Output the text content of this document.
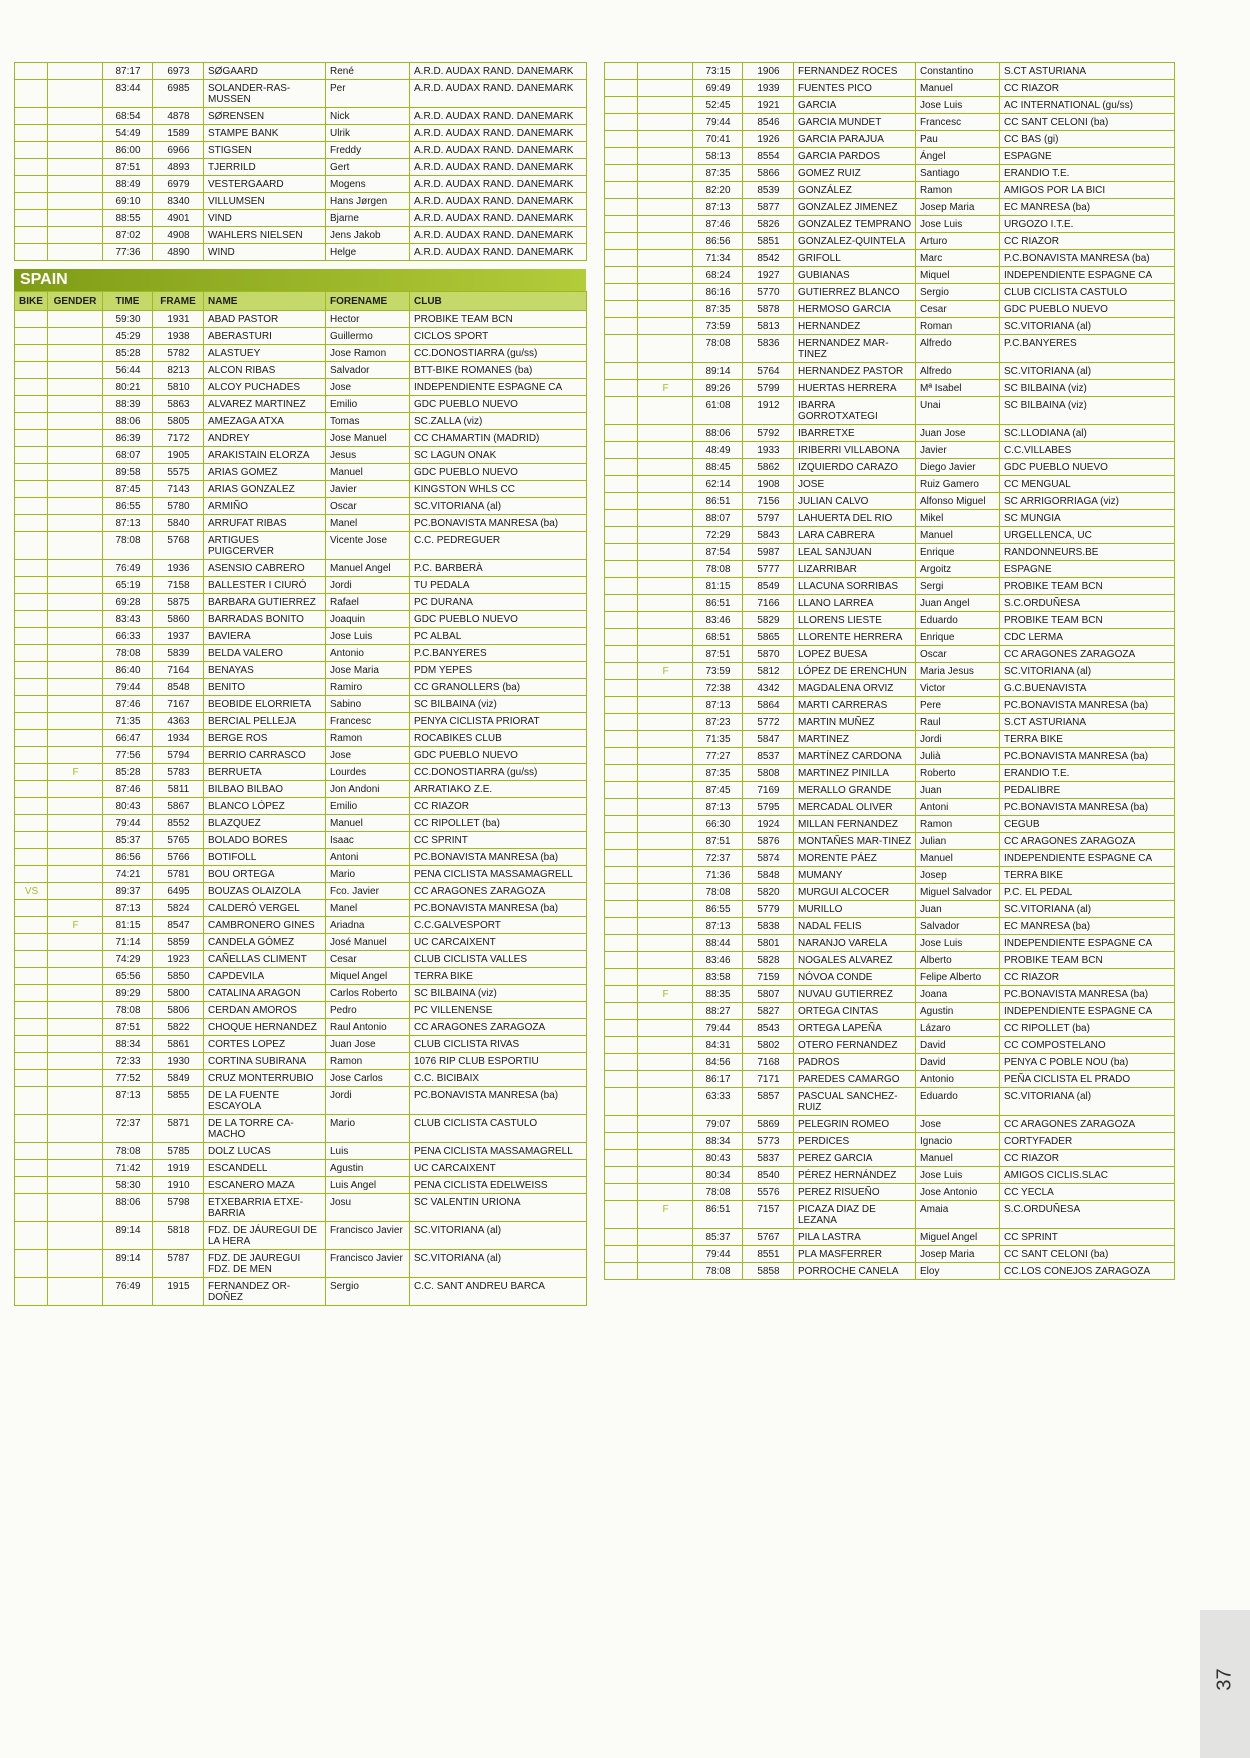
		87:17	6973	SØGAARD	René	A.R.D. AUDAX RAND. DANEMARK
		83:44	6985	SOLANDER-RAS-MUSSEN	Per	A.R.D. AUDAX RAND. DANEMARK
		68:54	4878	SØRENSEN	Nick	A.R.D. AUDAX RAND. DANEMARK
		54:49	1589	STAMPE BANK	Ulrik	A.R.D. AUDAX RAND. DANEMARK
		86:00	6966	STIGSEN	Freddy	A.R.D. AUDAX RAND. DANEMARK
		87:51	4893	TJERRILD	Gert	A.R.D. AUDAX RAND. DANEMARK
		88:49	6979	VESTERGAARD	Mogens	A.R.D. AUDAX RAND. DANEMARK
		69:10	8340	VILLUMSEN	Hans Jørgen	A.R.D. AUDAX RAND. DANEMARK
		88:55	4901	VIND	Bjarne	A.R.D. AUDAX RAND. DANEMARK
		87:02	4908	WAHLERS NIELSEN	Jens Jakob	A.R.D. AUDAX RAND. DANEMARK
		77:36	4890	WIND	Helge	A.R.D. AUDAX RAND. DANEMARK
SPAIN
BIKE	GENDER	TIME	FRAME	NAME	FORENAME	CLUB
		59:30	1931	ABAD PASTOR	Hector	PROBIKE TEAM BCN
		45:29	1938	ABERASTURI	Guillermo	CICLOS SPORT
		85:28	5782	ALASTUEY	Jose Ramon	CC.DONOSTIARRA (gu/ss)
		56:44	8213	ALCON RIBAS	Salvador	BTT-BIKE ROMANES (ba)
		80:21	5810	ALCOY PUCHADES	Jose	INDEPENDIENTE ESPAGNE CA
		88:39	5863	ALVAREZ MARTINEZ	Emilio	GDC PUEBLO NUEVO
		88:06	5805	AMEZAGA ATXA	Tomas	SC.ZALLA (viz)
		86:39	7172	ANDREY	Jose Manuel	CC CHAMARTIN (MADRID)
		68:07	1905	ARAKISTAIN ELORZA	Jesus	SC LAGUN ONAK
		89:58	5575	ARIAS GOMEZ	Manuel	GDC PUEBLO NUEVO
		87:45	7143	ARIAS GONZALEZ	Javier	KINGSTON WHLS CC
		86:55	5780	ARMIÑO	Oscar	SC.VITORIANA (al)
		87:13	5840	ARRUFAT RIBAS	Manel	PC.BONAVISTA MANRESA (ba)
		78:08	5768	ARTIGUES PUIGCERVER	Vicente Jose	C.C. PEDREGUER
		76:49	1936	ASENSIO CABRERO	Manuel Angel	P.C. BARBERÀ
		65:19	7158	BALLESTER I CIURÓ	Jordi	TU PEDALA
		69:28	5875	BARBARA GUTIERREZ	Rafael	PC DURANA
		83:43	5860	BARRADAS BONITO	Joaquin	GDC PUEBLO NUEVO
		66:33	1937	BAVIERA	Jose Luis	PC ALBAL
		78:08	5839	BELDA VALERO	Antonio	P.C.BANYERES
		86:40	7164	BENAYAS	Jose Maria	PDM YEPES
		79:44	8548	BENITO	Ramiro	CC GRANOLLERS (ba)
		87:46	7167	BEOBIDE ELORRIETA	Sabino	SC BILBAINA (viz)
		71:35	4363	BERCIAL PELLEJA	Francesc	PENYA CICLISTA PRIORAT
		66:47	1934	BERGE ROS	Ramon	ROCABIKES CLUB
		77:56	5794	BERRIO CARRASCO	Jose	GDC PUEBLO NUEVO
	F	85:28	5783	BERRUETA	Lourdes	CC.DONOSTIARRA (gu/ss)
		87:46	5811	BILBAO BILBAO	Jon Andoni	ARRATIAKO Z.E.
		80:43	5867	BLANCO LÓPEZ	Emilio	CC RIAZOR
		79:44	8552	BLAZQUEZ	Manuel	CC RIPOLLET (ba)
		85:37	5765	BOLADO BORES	Isaac	CC SPRINT
		86:56	5766	BOTIFOLL	Antoni	PC.BONAVISTA MANRESA (ba)
		74:21	5781	BOU ORTEGA	Mario	PENA CICLISTA MASSAMAGRELL
VS		89:37	6495	BOUZAS OLAIZOLA	Fco. Javier	CC ARAGONES ZARAGOZA
		87:13	5824	CALDERÓ VERGEL	Manel	PC.BONAVISTA MANRESA (ba)
	F	81:15	8547	CAMBRONERO GINES	Ariadna	C.C.GALVESPORT
		71:14	5859	CANDELA GÓMEZ	José Manuel	UC CARCAIXENT
		74:29	1923	CAÑELLAS CLIMENT	Cesar	CLUB CICLISTA VALLES
		65:56	5850	CAPDEVILA	Miquel Angel	TERRA BIKE
		89:29	5800	CATALINA ARAGON	Carlos Roberto	SC BILBAINA (viz)
		78:08	5806	CERDAN AMOROS	Pedro	PC VILLENENSE
		87:51	5822	CHOQUE HERNANDEZ	Raul Antonio	CC ARAGONES ZARAGOZA
		88:34	5861	CORTES LOPEZ	Juan Jose	CLUB CICLISTA RIVAS
		72:33	1930	CORTINA SUBIRANA	Ramon	1076 RIP CLUB ESPORTIU
		77:52	5849	CRUZ MONTERRUBIO	Jose Carlos	C.C. BICIBAIX
		87:13	5855	DE LA FUENTE ESCAYOLA	Jordi	PC.BONAVISTA MANRESA (ba)
		72:37	5871	DE LA TORRE CA-MACHO	Mario	CLUB CICLISTA CASTULO
		78:08	5785	DOLZ LUCAS	Luis	PENA CICLISTA MASSAMAGRELL
		71:42	1919	ESCANDELL	Agustin	UC CARCAIXENT
		58:30	1910	ESCANERO MAZA	Luis Angel	PENA CICLISTA EDELWEISS
		88:06	5798	ETXEBARRIA ETXE-BARRIA	Josu	SC VALENTIN URIONA
		89:14	5818	FDZ. DE JÁUREGUI DE LA HERA	Francisco Javier	SC.VITORIANA (al)
		89:14	5787	FDZ. DE JAUREGUI FDZ. DE MEN	Francisco Javier	SC.VITORIANA (al)
		76:49	1915	FERNANDEZ OR-DOÑEZ	Sergio	C.C. SANT ANDREU BARCA
		73:15	1906	FERNANDEZ ROCES	Constantino	S.CT ASTURIANA
		69:49	1939	FUENTES PICO	Manuel	CC RIAZOR
		52:45	1921	GARCIA	Jose Luis	AC INTERNATIONAL (gu/ss)
		79:44	8546	GARCIA MUNDET	Francesc	CC SANT CELONI (ba)
		70:41	1926	GARCIA PARAJUA	Pau	CC BAS (gi)
		58:13	8554	GARCIA PARDOS	Ángel	ESPAGNE
		87:35	5866	GOMEZ RUIZ	Santiago	ERANDIO T.E.
		82:20	8539	GONZÁLEZ	Ramon	AMIGOS POR LA BICI
		87:13	5877	GONZALEZ JIMENEZ	Josep Maria	EC MANRESA (ba)
		87:46	5826	GONZALEZ TEMPRANO	Jose Luis	URGOZO I.T.E.
		86:56	5851	GONZALEZ-QUINTELA	Arturo	CC RIAZOR
		71:34	8542	GRIFOLL	Marc	P.C.BONAVISTA MANRESA (ba)
		68:24	1927	GUBIANAS	Miquel	INDEPENDIENTE ESPAGNE CA
		86:16	5770	GUTIERREZ BLANCO	Sergio	CLUB CICLISTA CASTULO
		87:35	5878	HERMOSO GARCIA	Cesar	GDC PUEBLO NUEVO
		73:59	5813	HERNANDEZ	Roman	SC.VITORIANA (al)
		78:08	5836	HERNANDEZ MAR-TINEZ	Alfredo	P.C.BANYERES
		89:14	5764	HERNANDEZ PASTOR	Alfredo	SC.VITORIANA (al)
	F	89:26	5799	HUERTAS HERRERA	Mª Isabel	SC BILBAINA (viz)
		61:08	1912	IBARRA GORROTXATEGI	Unai	SC BILBAINA (viz)
		88:06	5792	IBARRETXE	Juan Jose	SC.LLODIANA (al)
		48:49	1933	IRIBERRI VILLABONA	Javier	C.C.VILLABES
		88:45	5862	IZQUIERDO CARAZO	Diego Javier	GDC PUEBLO NUEVO
		62:14	1908	JOSE	Ruiz Gamero	CC MENGUAL
		86:51	7156	JULIAN CALVO	Alfonso Miguel	SC ARRIGORRIAGA (viz)
		88:07	5797	LAHUERTA DEL RIO	Mikel	SC MUNGIA
		72:29	5843	LARA CABRERA	Manuel	URGELLENCA, UC
		87:54	5987	LEAL SANJUAN	Enrique	RANDONNEURS.BE
		78:08	5777	LIZARRIBAR	Argoitz	ESPAGNE
		81:15	8549	LLACUNA SORRIBAS	Sergi	PROBIKE TEAM BCN
		86:51	7166	LLANO LARREA	Juan Angel	S.C.ORDUÑESA
		83:46	5829	LLORENS LIESTE	Eduardo	PROBIKE TEAM BCN
		68:51	5865	LLORENTE HERRERA	Enrique	CDC LERMA
		87:51	5870	LOPEZ BUESA	Oscar	CC ARAGONES ZARAGOZA
	F	73:59	5812	LÓPEZ DE ERENCHUN	Maria Jesus	SC.VITORIANA (al)
		72:38	4342	MAGDALENA ORVIZ	Victor	G.C.BUENAVISTA
		87:13	5864	MARTI CARRERAS	Pere	PC.BONAVISTA MANRESA (ba)
		87:23	5772	MARTIN MUÑEZ	Raul	S.CT ASTURIANA
		71:35	5847	MARTINEZ	Jordi	TERRA BIKE
		77:27	8537	MARTÍNEZ CARDONA	Julià	PC.BONAVISTA MANRESA (ba)
		87:35	5808	MARTINEZ PINILLA	Roberto	ERANDIO T.E.
		87:45	7169	MERALLO GRANDE	Juan	PEDALIBRE
		87:13	5795	MERCADAL OLIVER	Antoni	PC.BONAVISTA MANRESA (ba)
		66:30	1924	MILLAN FERNANDEZ	Ramon	CEGUB
		87:51	5876	MONTAÑES MAR-TINEZ	Julian	CC ARAGONES ZARAGOZA
		72:37	5874	MORENTE PÁEZ	Manuel	INDEPENDIENTE ESPAGNE CA
		71:36	5848	MUMANY	Josep	TERRA BIKE
		78:08	5820	MURGUI ALCOCER	Miguel Salvador	P.C. EL PEDAL
		86:55	5779	MURILLO	Juan	SC.VITORIANA (al)
		87:13	5838	NADAL FELIS	Salvador	EC MANRESA (ba)
		88:44	5801	NARANJO VARELA	Jose Luis	INDEPENDIENTE ESPAGNE CA
		83:46	5828	NOGALES ALVAREZ	Alberto	PROBIKE TEAM BCN
		83:58	7159	NÓVOA CONDE	Felipe Alberto	CC RIAZOR
	F	88:35	5807	NUVAU GUTIERREZ	Joana	PC.BONAVISTA MANRESA (ba)
		88:27	5827	ORTEGA CINTAS	Agustin	INDEPENDIENTE ESPAGNE CA
		79:44	8543	ORTEGA LAPEÑA	Lázaro	CC RIPOLLET (ba)
		84:31	5802	OTERO FERNANDEZ	David	CC COMPOSTELANO
		84:56	7168	PADROS	David	PENYA C POBLE NOU (ba)
		86:17	7171	PAREDES CAMARGO	Antonio	PEÑA CICLISTA EL PRADO
		63:33	5857	PASCUAL SANCHEZ-RUIZ	Eduardo	SC.VITORIANA (al)
		79:07	5869	PELEGRIN ROMEO	Jose	CC ARAGONES ZARAGOZA
		88:34	5773	PERDICES	Ignacio	CORTYFADER
		80:43	5837	PEREZ GARCIA	Manuel	CC RIAZOR
		80:34	8540	PÉREZ HERNÁNDEZ	Jose Luis	AMIGOS CICLIS.SLAC
		78:08	5576	PEREZ RISUEÑO	Jose Antonio	CC YECLA
	F	86:51	7157	PICAZA DIAZ DE LEZANA	Amaia	S.C.ORDUÑESA
		85:37	5767	PILA LASTRA	Miguel Angel	CC SPRINT
		79:44	8551	PLA MASFERRER	Josep Maria	CC SANT CELONI (ba)
		78:08	5858	PORROCHE CANELA	Eloy	CC.LOS CONEJOS ZARAGOZA
37
